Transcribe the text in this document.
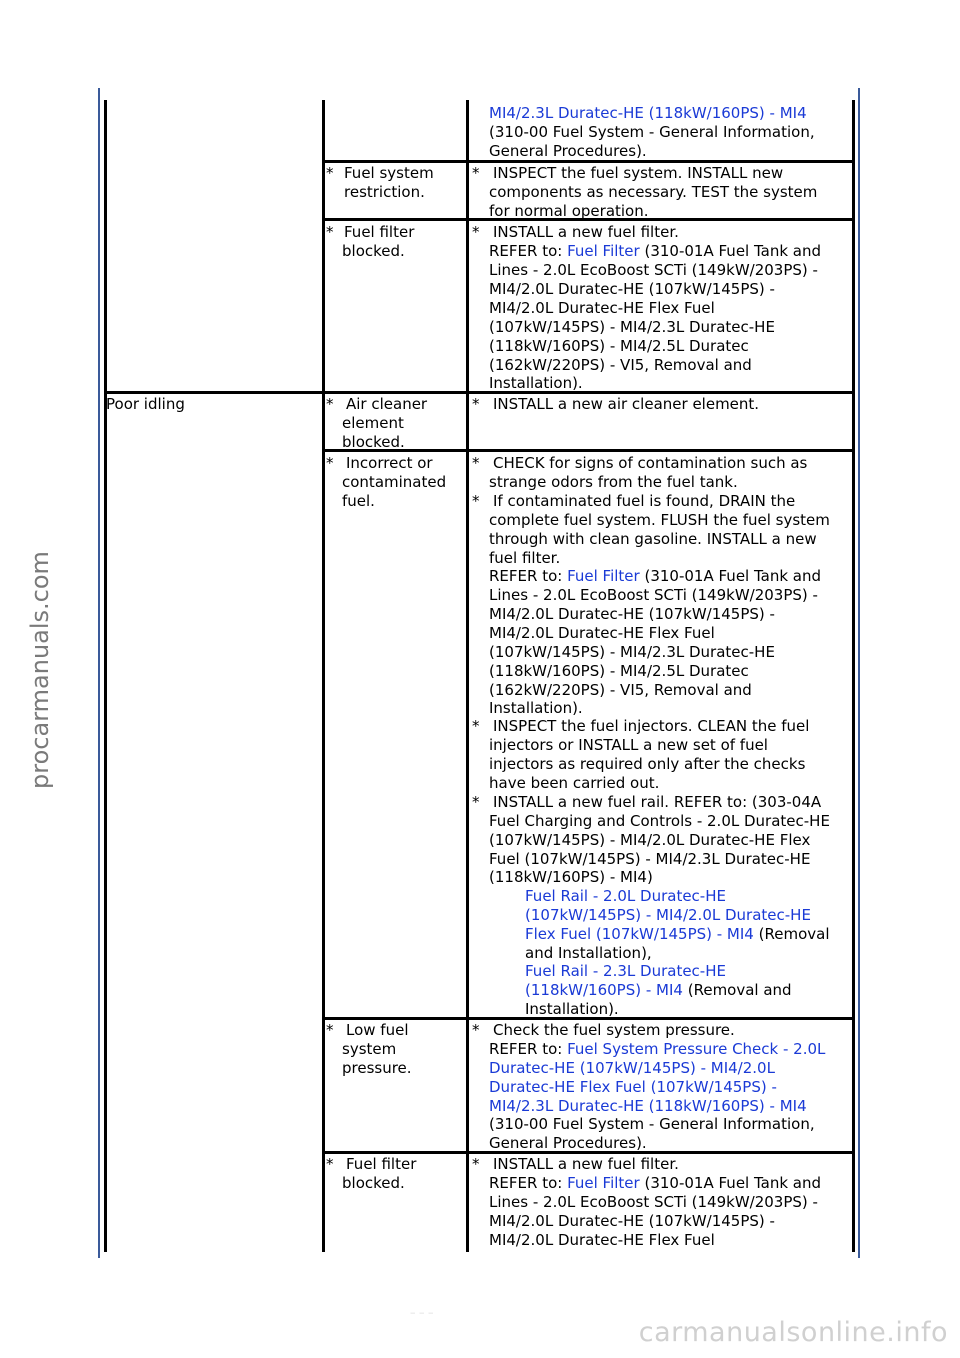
procarmanuals.com
MI4/2.3L Duratec-HE (118kW/160PS) - MI4
(310-00 Fuel System - General Information,
General Procedures).
* Fuel system
restriction.
* INSPECT the fuel system. INSTALL new
components as necessary. TEST the system
for normal operation.
* Fuel filter
blocked.
* INSTALL a new fuel filter.
REFER to: Fuel Filter (310-01A Fuel Tank and
Lines - 2.0L EcoBoost SCTi (149kW/203PS) -
MI4/2.0L Duratec-HE (107kW/145PS) -
MI4/2.0L Duratec-HE Flex Fuel
(107kW/145PS) - MI4/2.3L Duratec-HE
(118kW/160PS) - MI4/2.5L Duratec
(162kW/220PS) - VI5, Removal and
Installation).
Poor idling	* Air cleaner
element
blocked.
* INSTALL a new air cleaner element.
* Incorrect or
contaminated
fuel.
* CHECK for signs of contamination such as
strange odors from the fuel tank.
* If contaminated fuel is found, DRAIN the
complete fuel system. FLUSH the fuel system
through with clean gasoline. INSTALL a new
fuel filter.
REFER to: Fuel Filter (310-01A Fuel Tank and
Lines - 2.0L EcoBoost SCTi (149kW/203PS) -
MI4/2.0L Duratec-HE (107kW/145PS) -
MI4/2.0L Duratec-HE Flex Fuel
(107kW/145PS) - MI4/2.3L Duratec-HE
(118kW/160PS) - MI4/2.5L Duratec
(162kW/220PS) - VI5, Removal and
Installation).
* INSPECT the fuel injectors. CLEAN the fuel
injectors or INSTALL a new set of fuel
injectors as required only after the checks
have been carried out.
* INSTALL a new fuel rail. REFER to: (303-04A
Fuel Charging and Controls - 2.0L Duratec-HE
(107kW/145PS) - MI4/2.0L Duratec-HE Flex
Fuel (107kW/145PS) - MI4/2.3L Duratec-HE
(118kW/160PS) - MI4)
Fuel Rail - 2.0L Duratec-HE
(107kW/145PS) - MI4/2.0L Duratec-HE
Flex Fuel (107kW/145PS) - MI4 (Removal
and Installation),
Fuel Rail - 2.3L Duratec-HE
(118kW/160PS) - MI4 (Removal and
Installation).
* Low fuel
system
pressure.
* Check the fuel system pressure.
REFER to: Fuel System Pressure Check - 2.0L
Duratec-HE (107kW/145PS) - MI4/2.0L
Duratec-HE Flex Fuel (107kW/145PS) -
MI4/2.3L Duratec-HE (118kW/160PS) - MI4
(310-00 Fuel System - General Information,
General Procedures).
* Fuel filter
blocked.
* INSTALL a new fuel filter.
REFER to: Fuel Filter (310-01A Fuel Tank and
Lines - 2.0L EcoBoost SCTi (149kW/203PS) -
MI4/2.0L Duratec-HE (107kW/145PS) -
MI4/2.0L Duratec-HE Flex Fuel
– – –
carmanualsonline.info
